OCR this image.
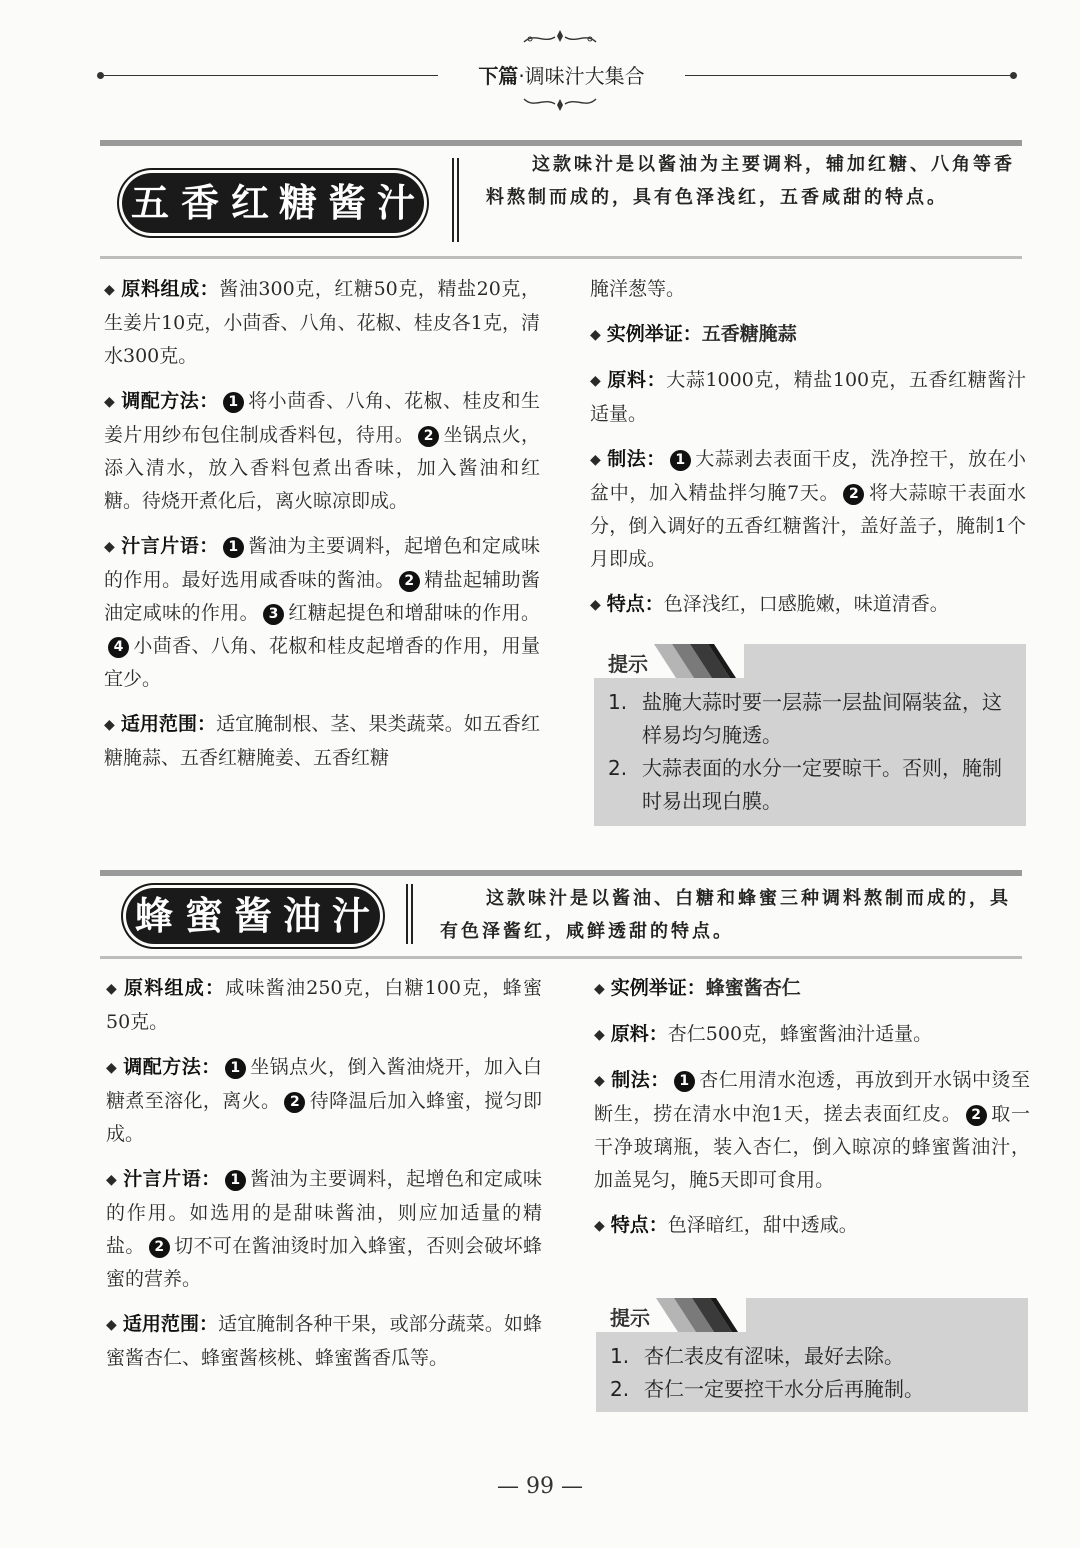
下篇·调味汁大集合
五 香 红 糖 酱 汁
这款味汁是以酱油为主要调料，辅加红糖、八角等香料熬制而成的，具有色泽浅红，五香咸甜的特点。

◆ 原料组成：酱油300克，红糖50克，精盐20克，生姜片10克，小茴香、八角、花椒、桂皮各1克，清水300克。

◆ 调配方法： 1 将小茴香、八角、花椒、桂皮和生姜片用纱布包住制成香料包，待用。 2 坐锅点火，添入清水，放入香料包煮出香味，加入酱油和红糖。待烧开煮化后，离火晾凉即成。

◆ 汁言片语： 1 酱油为主要调料，起增色和定咸味的作用。最好选用咸香味的酱油。 2 精盐起辅助酱油定咸味的作用。 3 红糖起提色和增甜味的作用。4 小茴香、八角、花椒和桂皮起增香的作用，用量宜少。

◆ 适用范围：适宜腌制根、茎、果类蔬菜。如五香红糖腌蒜、五香红糖腌姜、五香红糖

腌洋葱等。

◆ 实例举证：五香糖腌蒜

◆ 原料：大蒜1000克，精盐100克，五香红糖酱汁适量。

◆ 制法： 1 大蒜剥去表面干皮，洗净控干，放在小盆中，加入精盐拌匀腌7天。 2 将大蒜晾干表面水分，倒入调好的五香红糖酱汁，盖好盖子，腌制1个月即成。

◆ 特点：色泽浅红，口感脆嫩，味道清香。

提示
1. 盐腌大蒜时要一层蒜一层盐间隔装盆，这样易均匀腌透。
2. 大蒜表面的水分一定要晾干。否则，腌制时易出现白膜。
蜂 蜜 酱 油 汁	这款味汁是以酱油、白糖和蜂蜜三种调料熬制而成的，具有色泽酱红，咸鲜透甜的特点。

◆ 原料组成：咸味酱油250克，白糖100克，蜂蜜50克。

◆ 调配方法： 1 坐锅点火，倒入酱油烧开，加入白糖煮至溶化，离火。 2 待降温后加入蜂蜜，搅匀即成。

◆ 汁言片语： 1 酱油为主要调料，起增色和定咸味的作用。如选用的是甜味酱油，则应加适量的精盐。 2 切不可在酱油烫时加入蜂蜜，否则会破坏蜂蜜的营养。

◆ 适用范围：适宜腌制各种干果，或部分蔬菜。如蜂蜜酱杏仁、蜂蜜酱核桃、蜂蜜酱香瓜等。

◆ 实例举证：蜂蜜酱杏仁

◆ 原料：杏仁500克，蜂蜜酱油汁适量。

◆ 制法： 1 杏仁用清水泡透，再放到开水锅中烫至断生，捞在清水中泡1天，搓去表面红皮。 2 取一干净玻璃瓶，装入杏仁，倒入晾凉的蜂蜜酱油汁，加盖晃匀，腌5天即可食用。

◆ 特点：色泽暗红，甜中透咸。

提示
1. 杏仁表皮有涩味，最好去除。
2. 杏仁一定要控干水分后再腌制。
— 99 —
